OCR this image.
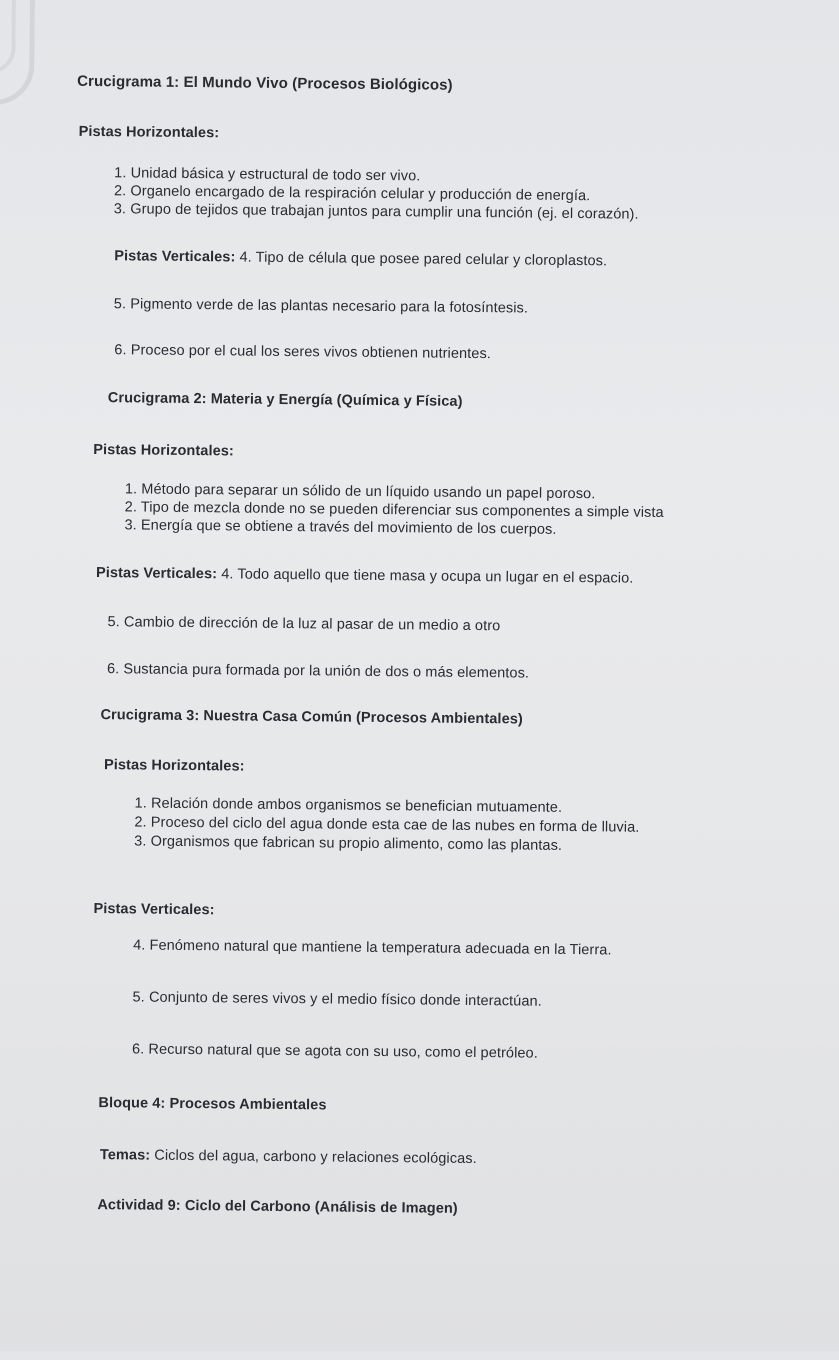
Crucigrama 1: El Mundo Vivo (Procesos Biológicos)
Pistas Horizontales:
1. Unidad básica y estructural de todo ser vivo.
2. Organelo encargado de la respiración celular y producción de energía.
3. Grupo de tejidos que trabajan juntos para cumplir una función (ej. el corazón).
Pistas Verticales: 4. Tipo de célula que posee pared celular y cloroplastos.
5. Pigmento verde de las plantas necesario para la fotosíntesis.
6. Proceso por el cual los seres vivos obtienen nutrientes.
Crucigrama 2: Materia y Energía (Química y Física)
Pistas Horizontales:
1. Método para separar un sólido de un líquido usando un papel poroso.
2. Tipo de mezcla donde no se pueden diferenciar sus componentes a simple vista
3. Energía que se obtiene a través del movimiento de los cuerpos.
Pistas Verticales: 4. Todo aquello que tiene masa y ocupa un lugar en el espacio.
5. Cambio de dirección de la luz al pasar de un medio a otro
6. Sustancia pura formada por la unión de dos o más elementos.
Crucigrama 3: Nuestra Casa Común (Procesos Ambientales)
Pistas Horizontales:
1. Relación donde ambos organismos se benefician mutuamente.
2. Proceso del ciclo del agua donde esta cae de las nubes en forma de lluvia.
3. Organismos que fabrican su propio alimento, como las plantas.
Pistas Verticales:
4. Fenómeno natural que mantiene la temperatura adecuada en la Tierra.
5. Conjunto de seres vivos y el medio físico donde interactúan.
6. Recurso natural que se agota con su uso, como el petróleo.
Bloque 4: Procesos Ambientales
Temas: Ciclos del agua, carbono y relaciones ecológicas.
Actividad 9: Ciclo del Carbono (Análisis de Imagen)
